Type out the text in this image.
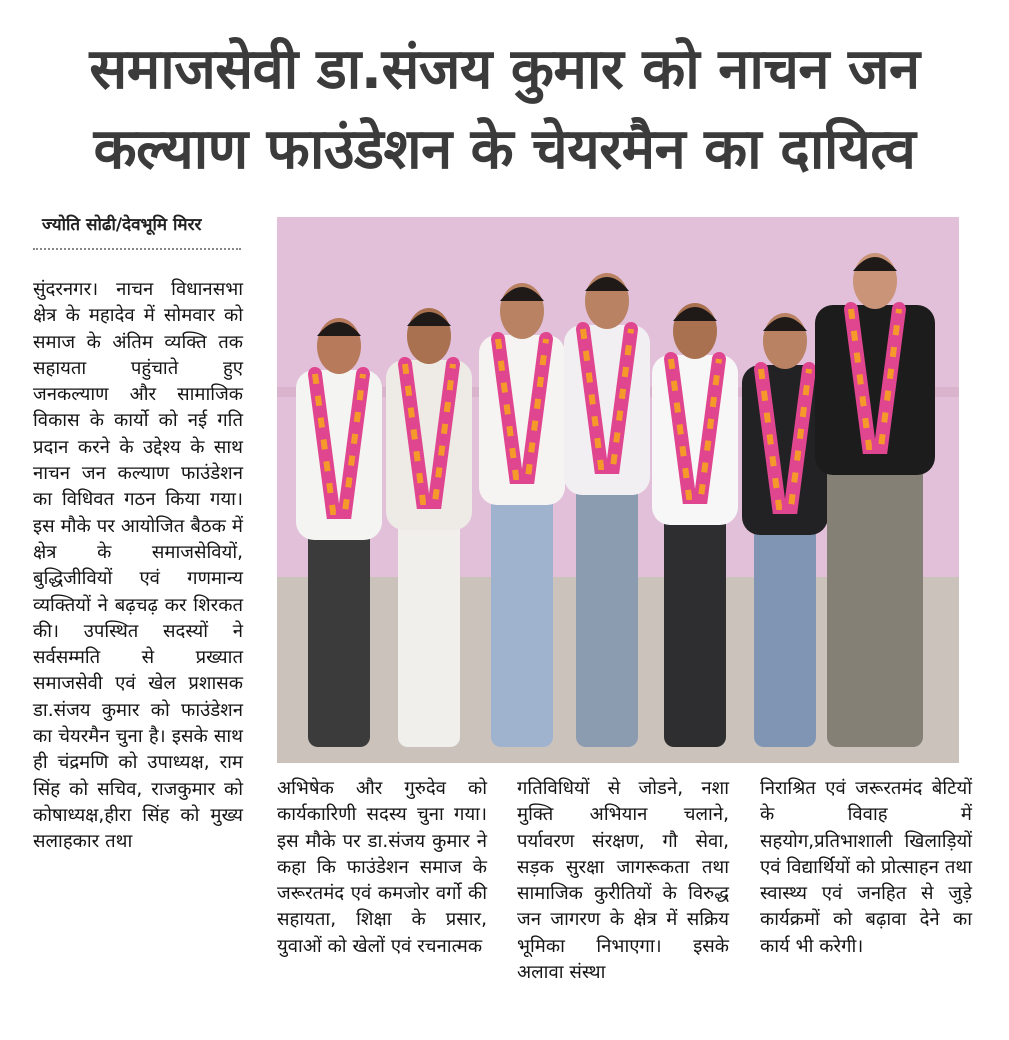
समाजसेवी डा.संजय कुमार को नाचन जन
कल्याण फाउंडेशन के चेयरमैन का दायित्व
ज्योति सोढी/देवभूमि मिरर

सुंदरनगर। नाचन विधानसभा क्षेत्र के महादेव में सोमवार को समाज के अंतिम व्यक्ति तक सहायता पहुंचाते हुए जनकल्याण और सामाजिक विकास के कार्यो को नई गति प्रदान करने के उद्देश्य के साथ नाचन जन कल्याण फाउंडेशन का विधिवत गठन किया गया। इस मौके पर आयोजित बैठक में क्षेत्र के समाजसेवियों, बुद्धिजीवियों एवं गणमान्य व्यक्तियों ने बढ़चढ़ कर शिरकत की। उपस्थित सदस्यों ने सर्वसम्मति से प्रख्यात समाजसेवी एवं खेल प्रशासक डा.संजय कुमार को फाउंडेशन का चेयरमैन चुना है। इसके साथ ही चंद्रमणि को उपाध्यक्ष, राम सिंह को सचिव, राजकुमार को कोषाध्यक्ष,हीरा सिंह को मुख्य सलाहकार तथा

अभिषेक और गुरुदेव को कार्यकारिणी सदस्य चुना गया। इस मौके पर डा.संजय कुमार ने कहा कि फाउंडेशन समाज के जरूरतमंद एवं कमजोर वर्गो की सहायता, शिक्षा के प्रसार, युवाओं को खेलों एवं रचनात्मक

गतिविधियों से जोडने, नशा मुक्ति अभियान चलाने, पर्यावरण संरक्षण, गौ सेवा, सड़क सुरक्षा जागरूकता तथा सामाजिक कुरीतियों के विरुद्ध जन जागरण के क्षेत्र में सक्रिय भूमिका निभाएगा। इसके अलावा संस्था

निराश्रित एवं जरूरतमंद बेटियों के विवाह में सहयोग,प्रतिभाशाली खिलाड़ियों एवं विद्यार्थियों को प्रोत्साहन तथा स्वास्थ्य एवं जनहित से जुड़े कार्यक्रमों को बढ़ावा देने का कार्य भी करेगी।
